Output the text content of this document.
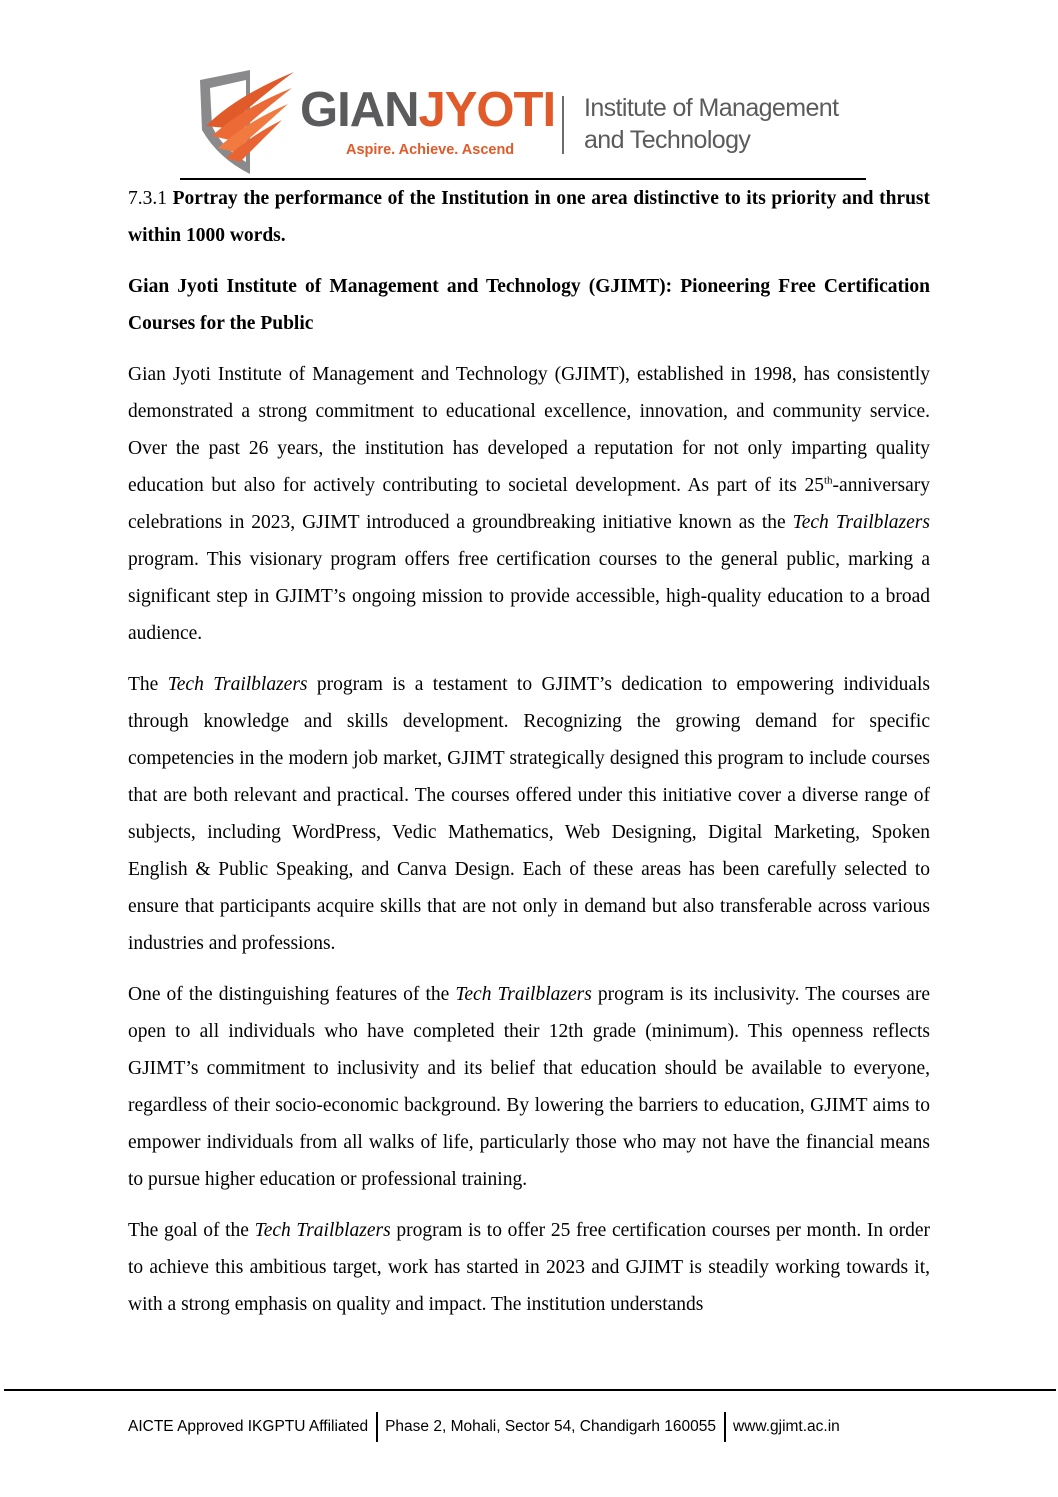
GIANJYOTI
Aspire. Achieve. Ascend
Institute of Management
and Technology

7.3.1 Portray the performance of the Institution in one area distinctive to its priority and thrust within 1000 words.

Gian Jyoti Institute of Management and Technology (GJIMT): Pioneering Free Certification Courses for the Public

Gian Jyoti Institute of Management and Technology (GJIMT), established in 1998, has consistently demonstrated a strong commitment to educational excellence, innovation, and community service. Over the past 26 years, the institution has developed a reputation for not only imparting quality education but also for actively contributing to societal development. As part of its 25th-anniversary celebrations in 2023, GJIMT introduced a groundbreaking initiative known as the Tech Trailblazers program. This visionary program offers free certification courses to the general public, marking a significant step in GJIMT’s ongoing mission to provide accessible, high-quality education to a broad audience.

The Tech Trailblazers program is a testament to GJIMT’s dedication to empowering individuals through knowledge and skills development. Recognizing the growing demand for specific competencies in the modern job market, GJIMT strategically designed this program to include courses that are both relevant and practical. The courses offered under this initiative cover a diverse range of subjects, including WordPress, Vedic Mathematics, Web Designing, Digital Marketing, Spoken English & Public Speaking, and Canva Design. Each of these areas has been carefully selected to ensure that participants acquire skills that are not only in demand but also transferable across various industries and professions.

One of the distinguishing features of the Tech Trailblazers program is its inclusivity. The courses are open to all individuals who have completed their 12th grade (minimum). This openness reflects GJIMT’s commitment to inclusivity and its belief that education should be available to everyone, regardless of their socio-economic background. By lowering the barriers to education, GJIMT aims to empower individuals from all walks of life, particularly those who may not have the financial means to pursue higher education or professional training.

The goal of the Tech Trailblazers program is to offer 25 free certification courses per month. In order to achieve this ambitious target, work has started in 2023 and GJIMT is steadily working towards it, with a strong emphasis on quality and impact. The institution understands

AICTE Approved IKGPTU Affiliated Phase 2, Mohali, Sector 54, Chandigarh 160055 www.gjimt.ac.in
